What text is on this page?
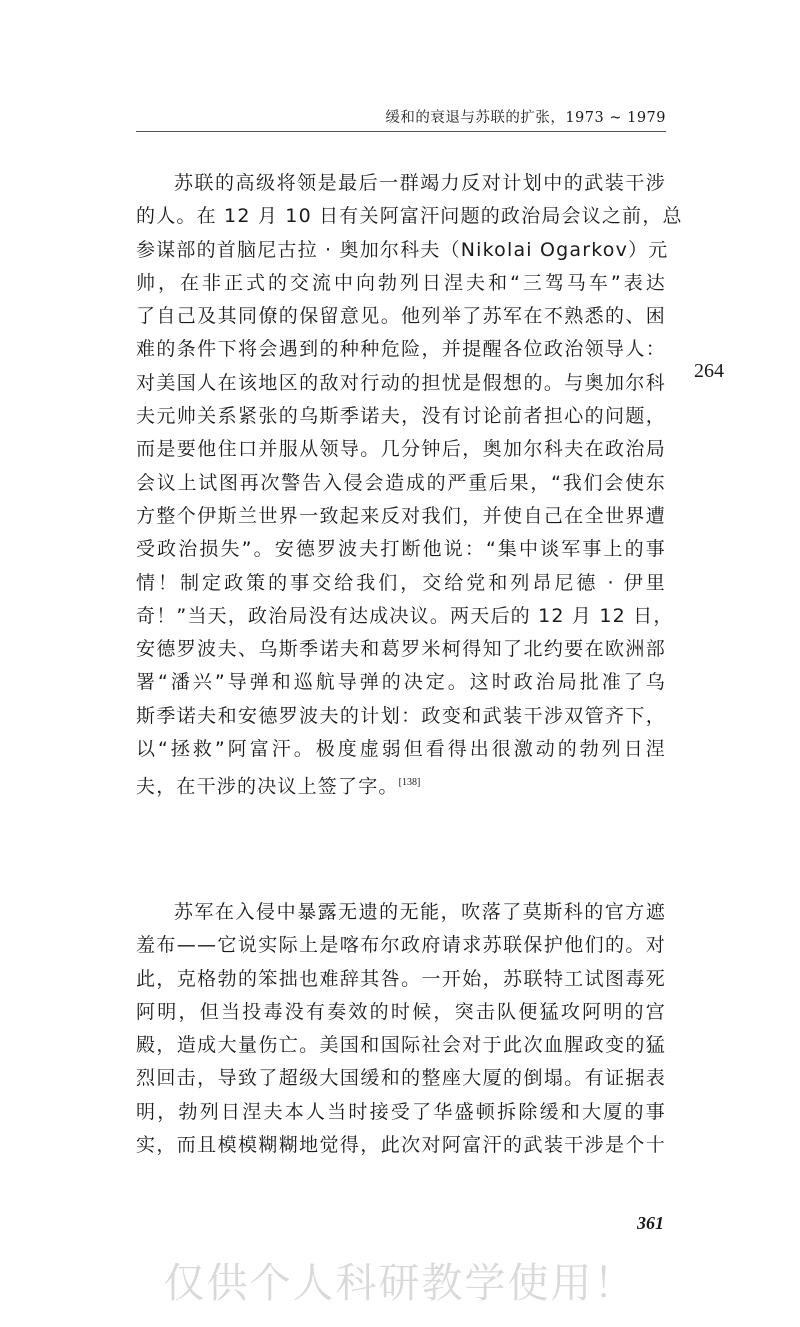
缓和的衰退与苏联的扩张，1973 ~ 1979
苏联的高级将领是最后一群竭力反对计划中的武装干涉
的人。在 12 月 10 日有关阿富汗问题的政治局会议之前，总
参谋部的首脑尼古拉 · 奥加尔科夫（Nikolai Ogarkov）元
帅，在非正式的交流中向勃列日涅夫和“三驾马车”表达
了自己及其同僚的保留意见。他列举了苏军在不熟悉的、困
难的条件下将会遇到的种种危险，并提醒各位政治领导人：
对美国人在该地区的敌对行动的担忧是假想的。与奥加尔科
夫元帅关系紧张的乌斯季诺夫，没有讨论前者担心的问题，
而是要他住口并服从领导。几分钟后，奥加尔科夫在政治局
会议上试图再次警告入侵会造成的严重后果，“我们会使东
方整个伊斯兰世界一致起来反对我们，并使自己在全世界遭
受政治损失”。安德罗波夫打断他说：“集中谈军事上的事
情！制定政策的事交给我们，交给党和列昂尼德 · 伊里
奇！”当天，政治局没有达成决议。两天后的 12 月 12 日，
安德罗波夫、乌斯季诺夫和葛罗米柯得知了北约要在欧洲部
署“潘兴”导弹和巡航导弹的决定。这时政治局批准了乌
斯季诺夫和安德罗波夫的计划：政变和武装干涉双管齐下，
以“拯救”阿富汗。极度虚弱但看得出很激动的勃列日涅
夫，在干涉的决议上签了字。[138]
264
苏军在入侵中暴露无遗的无能，吹落了莫斯科的官方遮
羞布——它说实际上是喀布尔政府请求苏联保护他们的。对
此，克格勃的笨拙也难辞其咎。一开始，苏联特工试图毒死
阿明，但当投毒没有奏效的时候，突击队便猛攻阿明的宫
殿，造成大量伤亡。美国和国际社会对于此次血腥政变的猛
烈回击，导致了超级大国缓和的整座大厦的倒塌。有证据表
明，勃列日涅夫本人当时接受了华盛顿拆除缓和大厦的事
实，而且模模糊糊地觉得，此次对阿富汗的武装干涉是个十
361
仅供个人科研教学使用！
